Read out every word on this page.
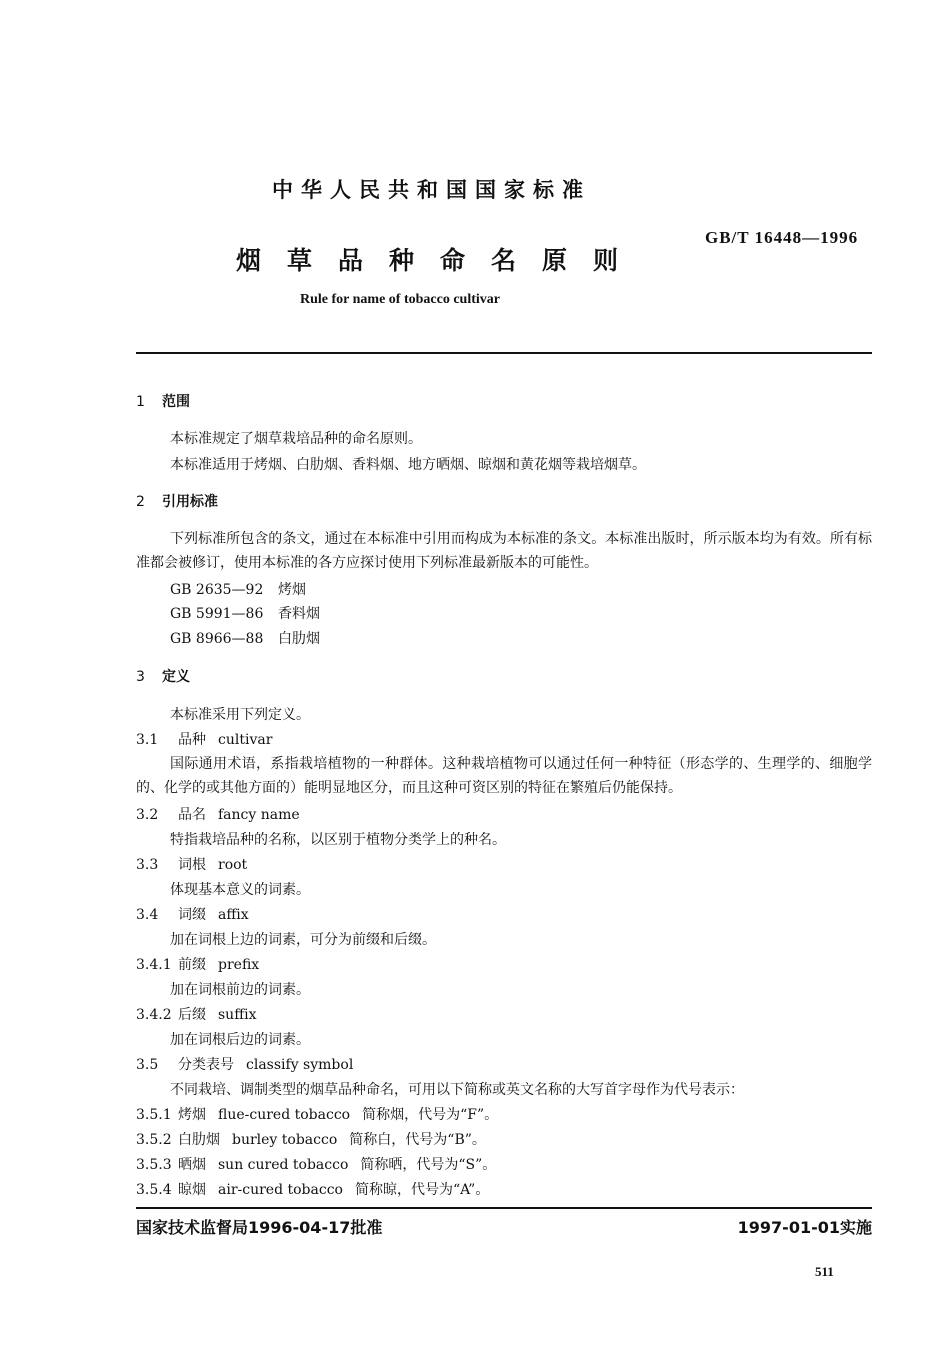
中华人民共和国国家标准
烟草品种命名原则
GB/T 16448—1996
Rule for name of tobacco cultivar
1 范围
本标准规定了烟草栽培品种的命名原则。
本标准适用于烤烟、白肋烟、香料烟、地方晒烟、晾烟和黄花烟等栽培烟草。
2 引用标准
下列标准所包含的条文，通过在本标准中引用而构成为本标准的条文。本标准出版时，所示版本均为有效。所有标准都会被修订，使用本标准的各方应探讨使用下列标准最新版本的可能性。
GB 2635—92 烤烟
GB 5991—86 香料烟
GB 8966—88 白肋烟
3 定义
本标准采用下列定义。
3.1 品种 cultivar
国际通用术语，系指栽培植物的一种群体。这种栽培植物可以通过任何一种特征（形态学的、生理学的、细胞学的、化学的或其他方面的）能明显地区分，而且这种可资区别的特征在繁殖后仍能保持。
3.2 品名 fancy name
特指栽培品种的名称，以区别于植物分类学上的种名。
3.3 词根 root
体现基本意义的词素。
3.4 词缀 affix
加在词根上边的词素，可分为前缀和后缀。
3.4.1 前缀 prefix
加在词根前边的词素。
3.4.2 后缀 suffix
加在词根后边的词素。
3.5 分类表号 classify symbol
不同栽培、调制类型的烟草品种命名，可用以下简称或英文名称的大写首字母作为代号表示：
3.5.1 烤烟 flue-cured tobacco 简称烟，代号为“F”。
3.5.2 白肋烟 burley tobacco 简称白，代号为“B”。
3.5.3 晒烟 sun cured tobacco 简称晒，代号为“S”。
3.5.4 晾烟 air-cured tobacco 简称晾，代号为“A”。
国家技术监督局1996-04-17批准	1997-01-01实施
511
